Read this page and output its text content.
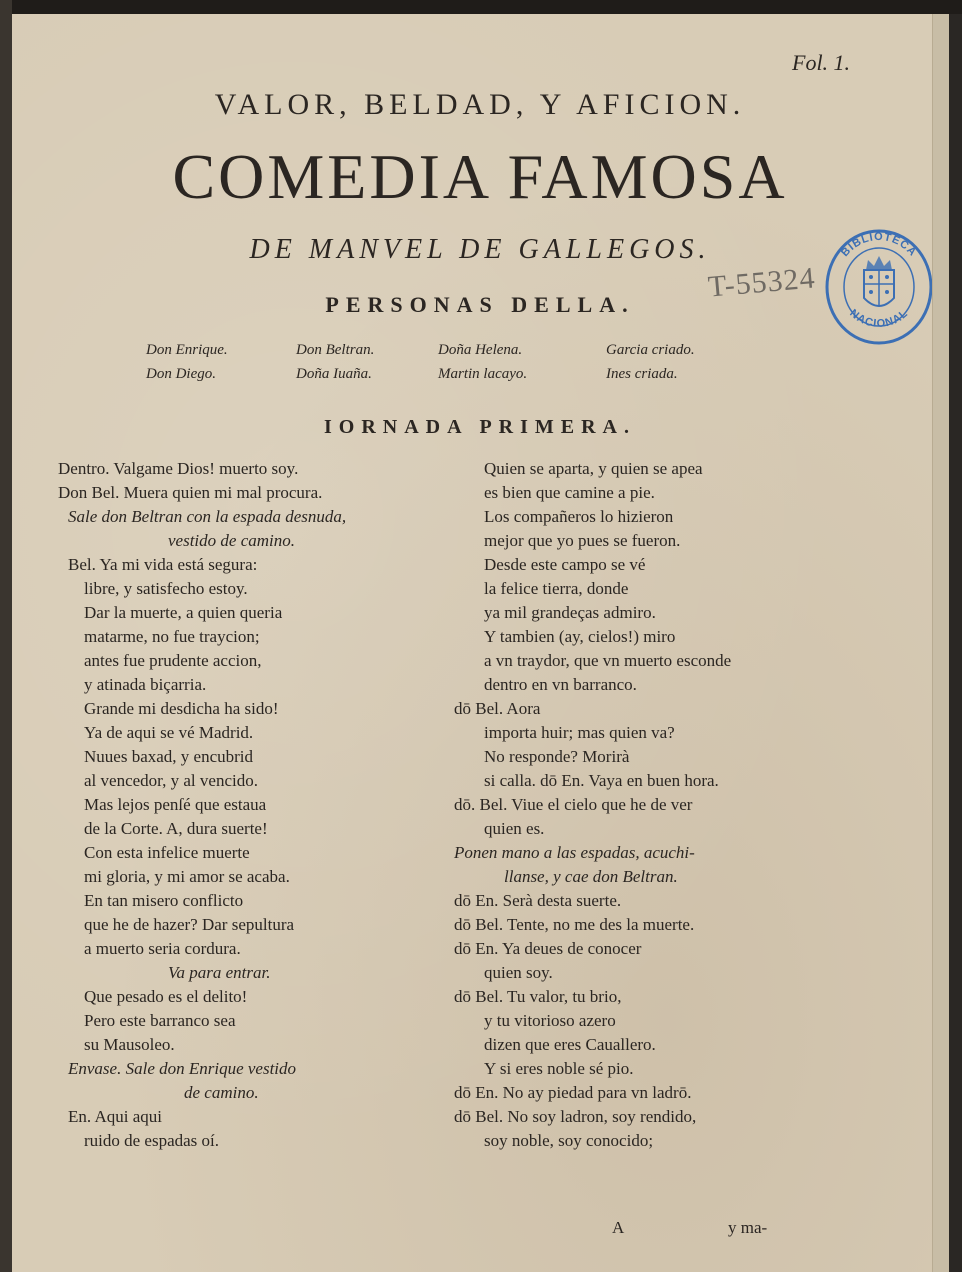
Fol. 1.
VALOR, BELDAD, Y AFICION.
COMEDIA FAMOSA
DE MANVEL DE GALLEGOS.
PERSONAS DELLA.
Don Enrique.	Don Beltran.	Doña Helena.	Garcia criado.
Don Diego.	Doña Iuaña.	Martin lacayo.	Ines criada.
IORNADA PRIMERA.
T-55324
BIBLIOTECA
NACIONAL
Dentro. Valgame Dios! muerto soy.
Don Bel. Muera quien mi mal procura.
Sale don Beltran con la espada desnuda,
vestido de camino.
Bel. Ya mi vida está segura:
libre, y satisfecho estoy.
Dar la muerte, a quien queria
matarme, no fue traycion;
antes fue prudente accion,
y atinada biçarria.
Grande mi desdicha ha sido!
Ya de aqui se vé Madrid.
Nuues baxad, y encubrid
al vencedor, y al vencido.
Mas lejos penſé que estaua
de la Corte. A, dura suerte!
Con esta infelice muerte
mi gloria, y mi amor se acaba.
En tan misero conflicto
que he de hazer? Dar sepultura
a muerto seria cordura.
Va para entrar.
Que pesado es el delito!
Pero este barranco sea
su Mausoleo.
Envase. Sale don Enrique vestido
de camino.
En. Aqui aqui
ruido de espadas oí.
Quien se aparta, y quien se apea
es bien que camine a pie.
Los compañeros lo hizieron
mejor que yo pues se fueron.
Desde este campo se vé
la felice tierra, donde
ya mil grandeças admiro.
Y tambien (ay, cielos!) miro
a vn traydor, que vn muerto esconde
dentro en vn barranco.
dō Bel. Aora
importa huir; mas quien va?
No responde? Morirà
si calla. dō En. Vaya en buen hora.
dō. Bel. Viue el cielo que he de ver
quien es.
Ponen mano a las espadas, acuchi-
llanse, y cae don Beltran.
dō En. Serà desta suerte.
dō Bel. Tente, no me des la muerte.
dō En. Ya deues de conocer
quien soy.
dō Bel. Tu valor, tu brio,
y tu vitorioso azero
dizen que eres Cauallero.
Y si eres noble sé pio.
dō En. No ay piedad para vn ladrō.
dō Bel. No soy ladron, soy rendido,
soy noble, soy conocido;
A	y ma-
